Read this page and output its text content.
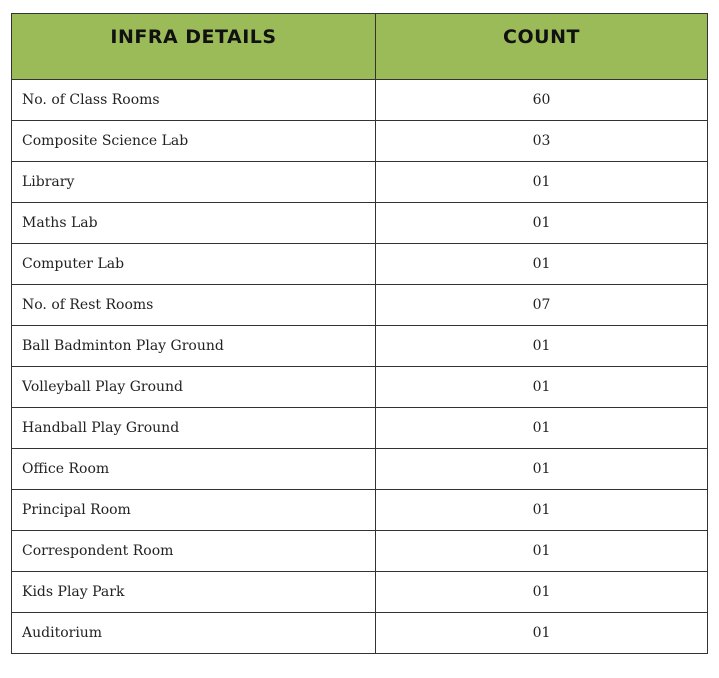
INFRA DETAILS	COUNT
No. of Class Rooms	60
Composite Science Lab	03
Library	01
Maths Lab	01
Computer Lab	01
No. of Rest Rooms	07
Ball Badminton Play Ground	01
Volleyball Play Ground	01
Handball Play Ground	01
Office Room	01
Principal Room	01
Correspondent Room	01
Kids Play Park	01
Auditorium	01
